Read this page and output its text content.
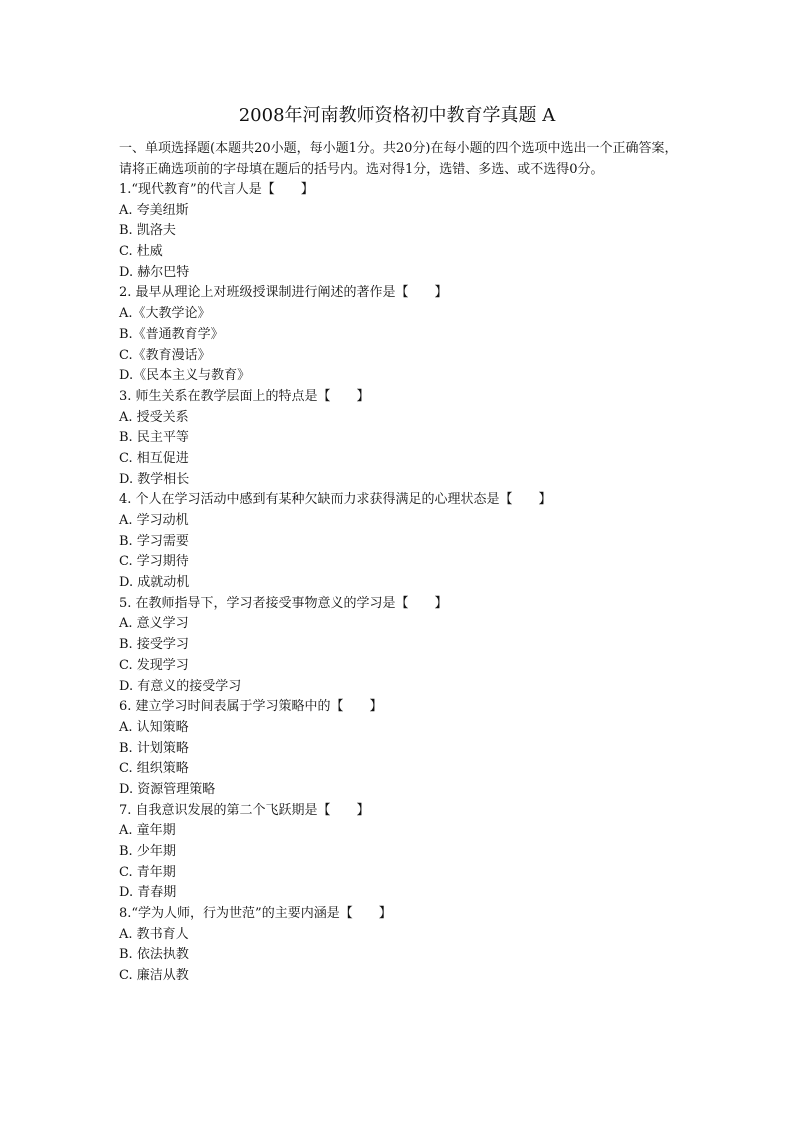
2008年河南教师资格初中教育学真题 A

一、单项选择题(本题共20小题，每小题1分。共20分)在每小题的四个选项中选出一个正确答案，请将正确选项前的字母填在题后的括号内。选对得1分，选错、多选、或不选得0分。

1.“现代教育”的代言人是【　　】
A. 夸美纽斯
B. 凯洛夫
C. 杜威
D. 赫尔巴特
2. 最早从理论上对班级授课制进行阐述的著作是【　　】
A.《大教学论》
B.《普通教育学》
C.《教育漫话》
D.《民本主义与教育》
3. 师生关系在教学层面上的特点是【　　】
A. 授受关系
B. 民主平等
C. 相互促进
D. 教学相长
4. 个人在学习活动中感到有某种欠缺而力求获得满足的心理状态是【　　】
A. 学习动机
B. 学习需要
C. 学习期待
D. 成就动机
5. 在教师指导下，学习者接受事物意义的学习是【　　】
A. 意义学习
B. 接受学习
C. 发现学习
D. 有意义的接受学习
6. 建立学习时间表属于学习策略中的【　　】
A. 认知策略
B. 计划策略
C. 组织策略
D. 资源管理策略
7. 自我意识发展的第二个飞跃期是【　　】
A. 童年期
B. 少年期
C. 青年期
D. 青春期
8.“学为人师，行为世范”的主要内涵是【　　】
A. 教书育人
B. 依法执教
C. 廉洁从教
